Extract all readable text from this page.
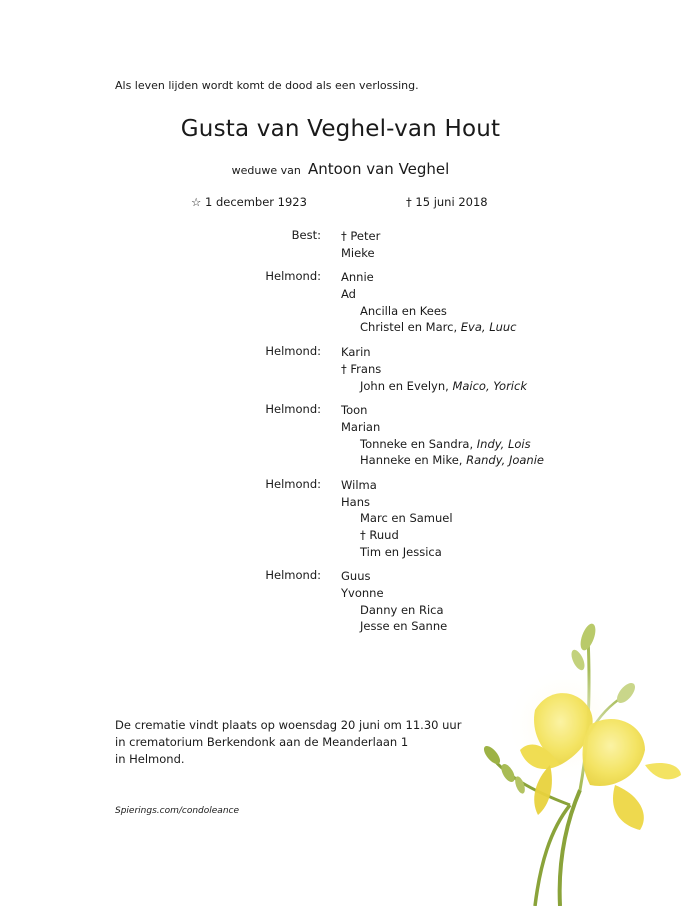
Als leven lijden wordt komt de dood als een verlossing.
Gusta van Veghel-van Hout
weduwe van Antoon van Veghel
☆ 1 december 1923	† 15 juni 2018
Best: † Peter
Mieke
Helmond: Annie
Ad
Ancilla en Kees
Christel en Marc, Eva, Luuc
Helmond: Karin
† Frans
John en Evelyn, Maico, Yorick
Helmond: Toon
Marian
Tonneke en Sandra, Indy, Lois
Hanneke en Mike, Randy, Joanie
Helmond: Wilma
Hans
Marc en Samuel
† Ruud
Tim en Jessica
Helmond: Guus
Yvonne
Danny en Rica
Jesse en Sanne
De crematie vindt plaats op woensdag 20 juni om 11.30 uur
in crematorium Berkendonk aan de Meanderlaan 1
in Helmond.
Spierings.com/condoleance
